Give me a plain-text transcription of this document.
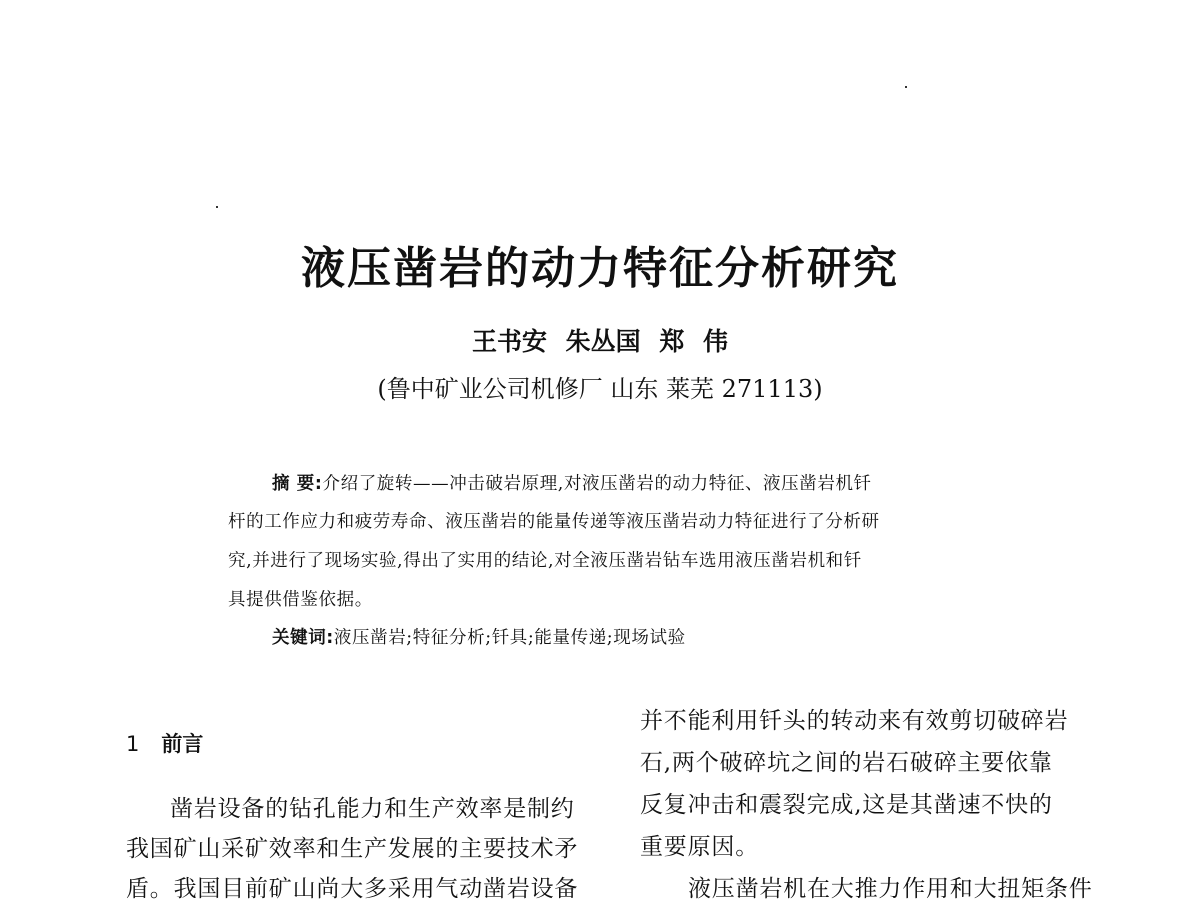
液压凿岩的动力特征分析研究
王书安 朱丛国 郑 伟
(鲁中矿业公司机修厂 山东 莱芜 271113)
摘 要:介绍了旋转——冲击破岩原理,对液压凿岩的动力特征、液压凿岩机钎
杆的工作应力和疲劳寿命、液压凿岩的能量传递等液压凿岩动力特征进行了分析研
究,并进行了现场实验,得出了实用的结论,对全液压凿岩钻车选用液压凿岩机和钎
具提供借鉴依据。
关键词:液压凿岩;特征分析;钎具;能量传递;现场试验
1 前言
凿岩设备的钻孔能力和生产效率是制约
我国矿山采矿效率和生产发展的主要技术矛
盾。我国目前矿山尚大多采用气动凿岩设备
并不能利用钎头的转动来有效剪切破碎岩
石,两个破碎坑之间的岩石破碎主要依靠
反复冲击和震裂完成,这是其凿速不快的
重要原因。
液压凿岩机在大推力作用和大扭矩条件
